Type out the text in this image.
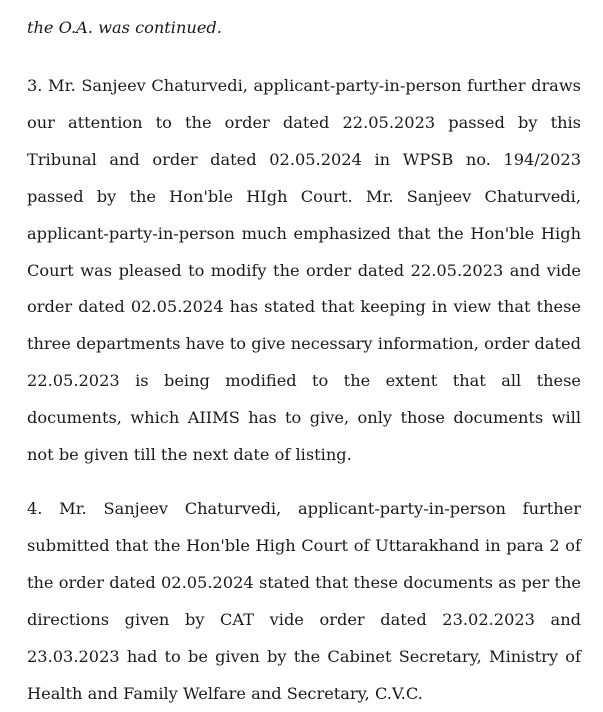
the O.A. was continued.

3. Mr. Sanjeev Chaturvedi, applicant-party-in-person further draws our attention to the order dated 22.05.2023 passed by this Tribunal and order dated 02.05.2024 in WPSB no. 194/2023 passed by the Hon'ble HIgh Court. Mr. Sanjeev Chaturvedi, applicant-party-in-person much emphasized that the Hon'ble High Court was pleased to modify the order dated 22.05.2023 and vide order dated 02.05.2024 has stated that keeping in view that these three departments have to give necessary information, order dated 22.05.2023 is being modified to the extent that all these documents, which AIIMS has to give, only those documents will not be given till the next date of listing.

4. Mr. Sanjeev Chaturvedi, applicant-party-in-person further submitted that the Hon'ble High Court of Uttarakhand in para 2 of the order dated 02.05.2024 stated that these documents as per the directions given by CAT vide order dated 23.02.2023 and 23.03.2023 had to be given by the Cabinet Secretary, Ministry of Health and Family Welfare and Secretary, C.V.C.
